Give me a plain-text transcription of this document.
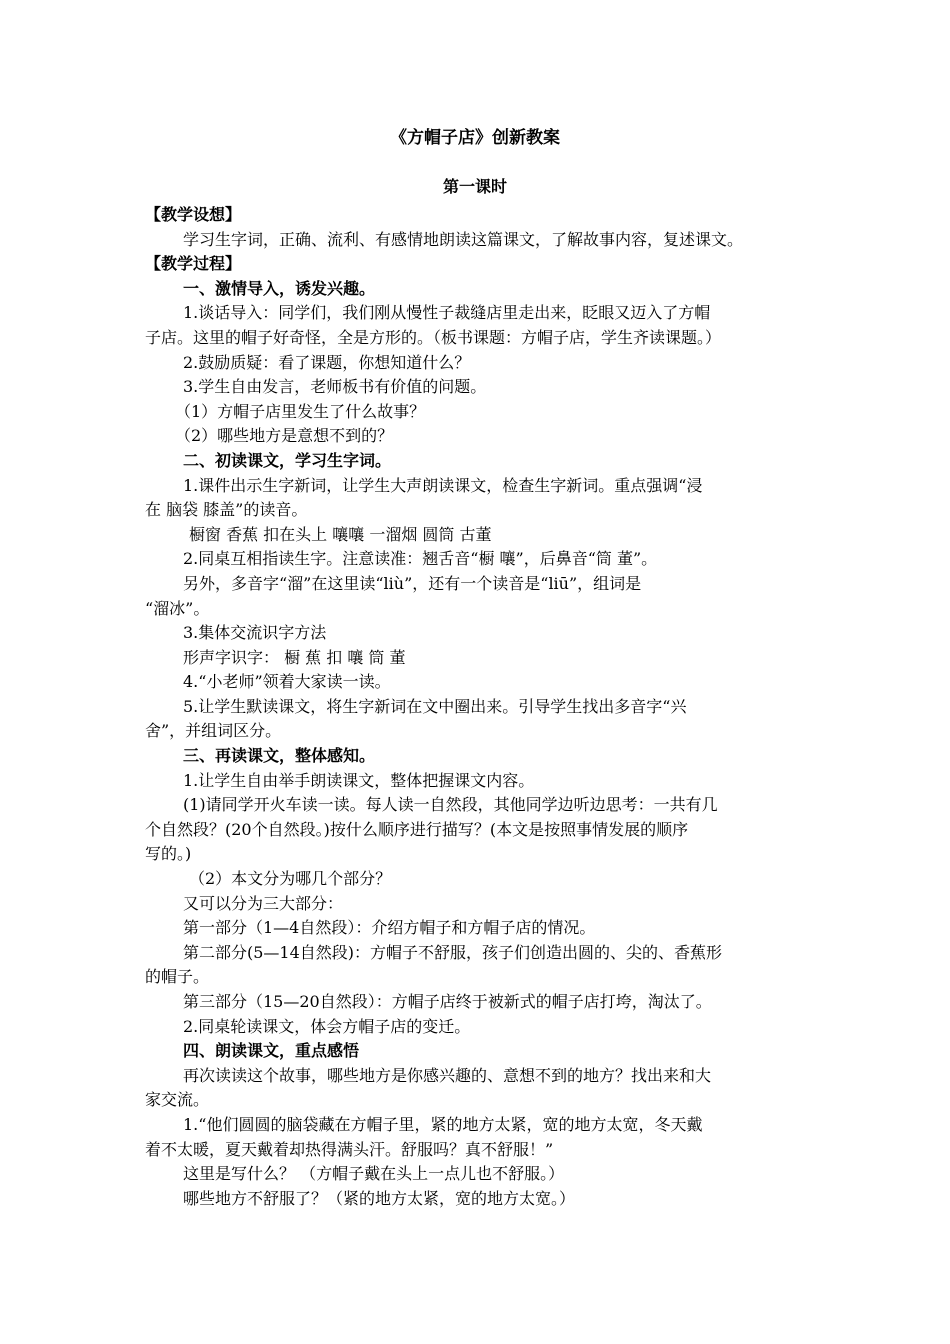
《方帽子店》创新教案
第一课时
【教学设想】
学习生字词，正确、流利、有感情地朗读这篇课文，了解故事内容，复述课文。
【教学过程】
一、激情导入，诱发兴趣。
1.谈话导入：同学们，我们刚从慢性子裁缝店里走出来，眨眼又迈入了方帽
子店。这里的帽子好奇怪，全是方形的。（板书课题：方帽子店，学生齐读课题。）
2.鼓励质疑：看了课题，你想知道什么？
3.学生自由发言，老师板书有价值的问题。
（1）方帽子店里发生了什么故事？
（2）哪些地方是意想不到的？
二、初读课文，学习生字词。
1.课件出示生字新词，让学生大声朗读课文，检查生字新词。重点强调“浸
在 脑袋 膝盖”的读音。
橱窗 香蕉 扣在头上 嚷嚷 一溜烟 圆筒 古董
2.同桌互相指读生字。注意读准：翘舌音“橱 嚷”，后鼻音“筒 董”。
另外，多音字“溜”在这里读“liù”，还有一个读音是“liū”，组词是
“溜冰”。
3.集体交流识字方法
形声字识字： 橱 蕉 扣 嚷 筒 董
4.“小老师”领着大家读一读。
5.让学生默读课文，将生字新词在文中圈出来。引导学生找出多音字“兴
舍”，并组词区分。
三、再读课文，整体感知。
1.让学生自由举手朗读课文，整体把握课文内容。
(1)请同学开火车读一读。每人读一自然段，其他同学边听边思考：一共有几
个自然段？(20个自然段。)按什么顺序进行描写？(本文是按照事情发展的顺序
写的。)
（2）本文分为哪几个部分？
又可以分为三大部分：
第一部分（1—4自然段）：介绍方帽子和方帽子店的情况。
第二部分(5—14自然段)：方帽子不舒服，孩子们创造出圆的、尖的、香蕉形
的帽子。
第三部分（15—20自然段）：方帽子店终于被新式的帽子店打垮，淘汰了。
2.同桌轮读课文，体会方帽子店的变迁。
四、朗读课文，重点感悟
再次读读这个故事，哪些地方是你感兴趣的、意想不到的地方？找出来和大
家交流。
1.“他们圆圆的脑袋藏在方帽子里，紧的地方太紧，宽的地方太宽，冬天戴
着不太暖，夏天戴着却热得满头汗。舒服吗？真不舒服！”
这里是写什么？ （方帽子戴在头上一点儿也不舒服。）
哪些地方不舒服了？（紧的地方太紧，宽的地方太宽。）
